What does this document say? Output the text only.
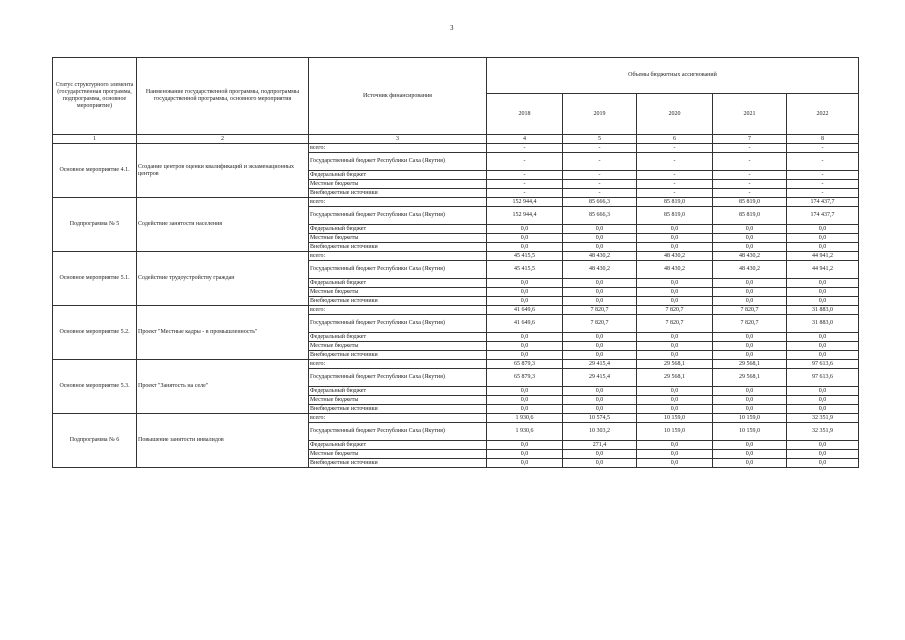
3
Статус структурного элемента (государственная программа, подпрограмма, основное мероприятие)	Наименование государственной программы, подпрограммы государственной программы, основного мероприятия	Источник финансирования	Объемы бюджетных ассигнований				
			2018	2019	2020	2021	2022
1	2	3	4	5	6	7	8
Основное мероприятие 4.1.	Создание центров оценки квалификаций и экзаменационных центров	всего:	-	-	-	-	-
		Государственный бюджет Республики Саха (Якутия)	-	-	-	-	-
		Федеральный бюджет	-	-	-	-	-
		Местные бюджеты	-	-	-	-	-
		Внебюджетные источники	-	-	-	-	-
Подпрограмма № 5	Содействие занятости населения	всего:	152 944,4	85 666,3	85 819,0	85 819,0	174 437,7
		Государственный бюджет Республики Саха (Якутия)	152 944,4	85 666,3	85 819,0	85 819,0	174 437,7
		Федеральный бюджет	0,0	0,0	0,0	0,0	0,0
		Местные бюджеты	0,0	0,0	0,0	0,0	0,0
		Внебюджетные источники	0,0	0,0	0,0	0,0	0,0
Основное мероприятие 5.1.	Содействие трудоустройству граждан	всего:	45 415,5	48 430,2	48 430,2	48 430,2	44 941,2
		Государственный бюджет Республики Саха (Якутия)	45 415,5	48 430,2	48 430,2	48 430,2	44 941,2
		Федеральный бюджет	0,0	0,0	0,0	0,0	0,0
		Местные бюджеты	0,0	0,0	0,0	0,0	0,0
		Внебюджетные источники	0,0	0,0	0,0	0,0	0,0
Основное мероприятие 5.2.	Проект "Местные кадры - в промышленность"	всего:	41 649,6	7 820,7	7 820,7	7 820,7	31 883,0
		Государственный бюджет Республики Саха (Якутия)	41 649,6	7 820,7	7 820,7	7 820,7	31 883,0
		Федеральный бюджет	0,0	0,0	0,0	0,0	0,0
		Местные бюджеты	0,0	0,0	0,0	0,0	0,0
		Внебюджетные источники	0,0	0,0	0,0	0,0	0,0
Основное мероприятие 5.3.	Проект "Занятость на селе"	всего:	65 879,3	29 415,4	29 568,1	29 568,1	97 613,6
		Государственный бюджет Республики Саха (Якутия)	65 879,3	29 415,4	29 568,1	29 568,1	97 613,6
		Федеральный бюджет	0,0	0,0	0,0	0,0	0,0
		Местные бюджеты	0,0	0,0	0,0	0,0	0,0
		Внебюджетные источники	0,0	0,0	0,0	0,0	0,0
Подпрограмма № 6	Повышение занятости инвалидов	всего:	1 930,6	10 574,5	10 159,0	10 159,0	32 351,9
		Государственный бюджет Республики Саха (Якутия)	1 930,6	10 303,2	10 159,0	10 159,0	32 351,9
		Федеральный бюджет	0,0	271,4	0,0	0,0	0,0
		Местные бюджеты	0,0	0,0	0,0	0,0	0,0
		Внебюджетные источники	0,0	0,0	0,0	0,0	0,0
